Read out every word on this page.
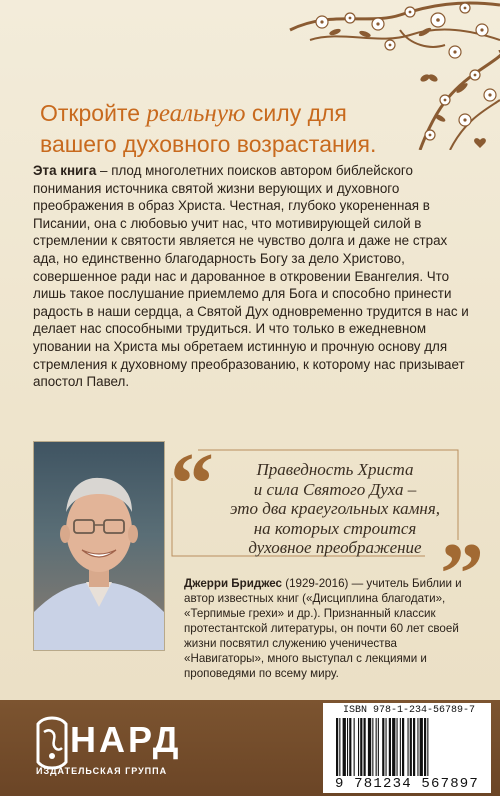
Откройте реальную силу для
вашего духовного возрастания.
Эта книга – плод многолетних поисков автором библейского понимания источника святой жизни верующих и духовного преображения в образ Христа. Честная, глубоко укорененная в Писании, она с любовью учит нас, что мотивирующей силой в стремлении к святости является не чувство долга и даже не страх ада, но единственно благодарность Богу за дело Христово, совершенное ради нас и дарованное в откровении Евангелия. Что лишь такое послушание приемлемо для Бога и способно принести радость в наши сердца, а Святой Дух одновременно трудится в нас и делает нас способными трудиться. И что только в ежедневном уповании на Христа мы обретаем истинную и прочную основу для стремления к духовному преобразованию, к которому нас призывает апостол Павел.
“
”
Праведность Христа
и сила Святого Духа –
это два краеугольных камня,
на которых строится
духовное преображение
Джерри Бриджес (1929-2016) — учитель Библии и автор известных книг («Дисциплина благодати», «Терпимые грехи» и др.). Признанный классик протестантской литературы, он почти 60 лет своей жизни посвятил служению ученичества «Навигаторы», много выступал с лекциями и проповедями по всему миру.
НАРД
ИЗДАТЕЛЬСКАЯ ГРУППА
ISBN 978-1-234-56789-7
9 781234 567897
